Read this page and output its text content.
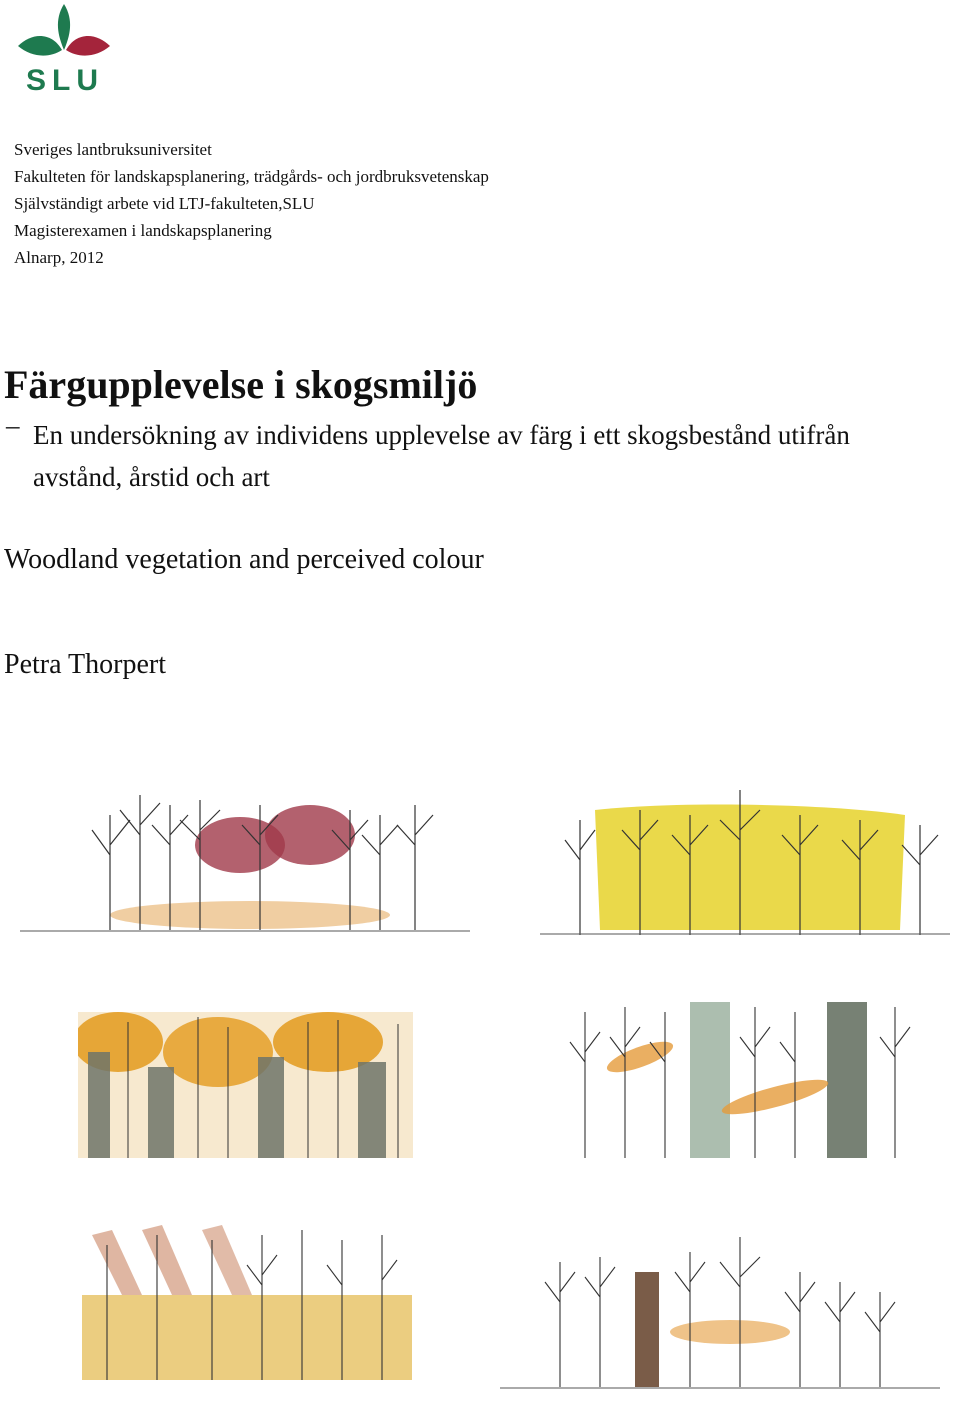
SLU
Sveriges lantbruksuniversitet
Fakulteten för landskapsplanering, trädgårds- och jordbruksvetenskap
Självständigt arbete vid LTJ-fakulteten,SLU
Magisterexamen i landskapsplanering
Alnarp, 2012
Färgupplevelse i skogsmiljö
– En undersökning av individens upplevelse av färg i ett skogsbestånd utifrån avstånd, årstid och art
Woodland vegetation and perceived colour
Petra Thorpert
